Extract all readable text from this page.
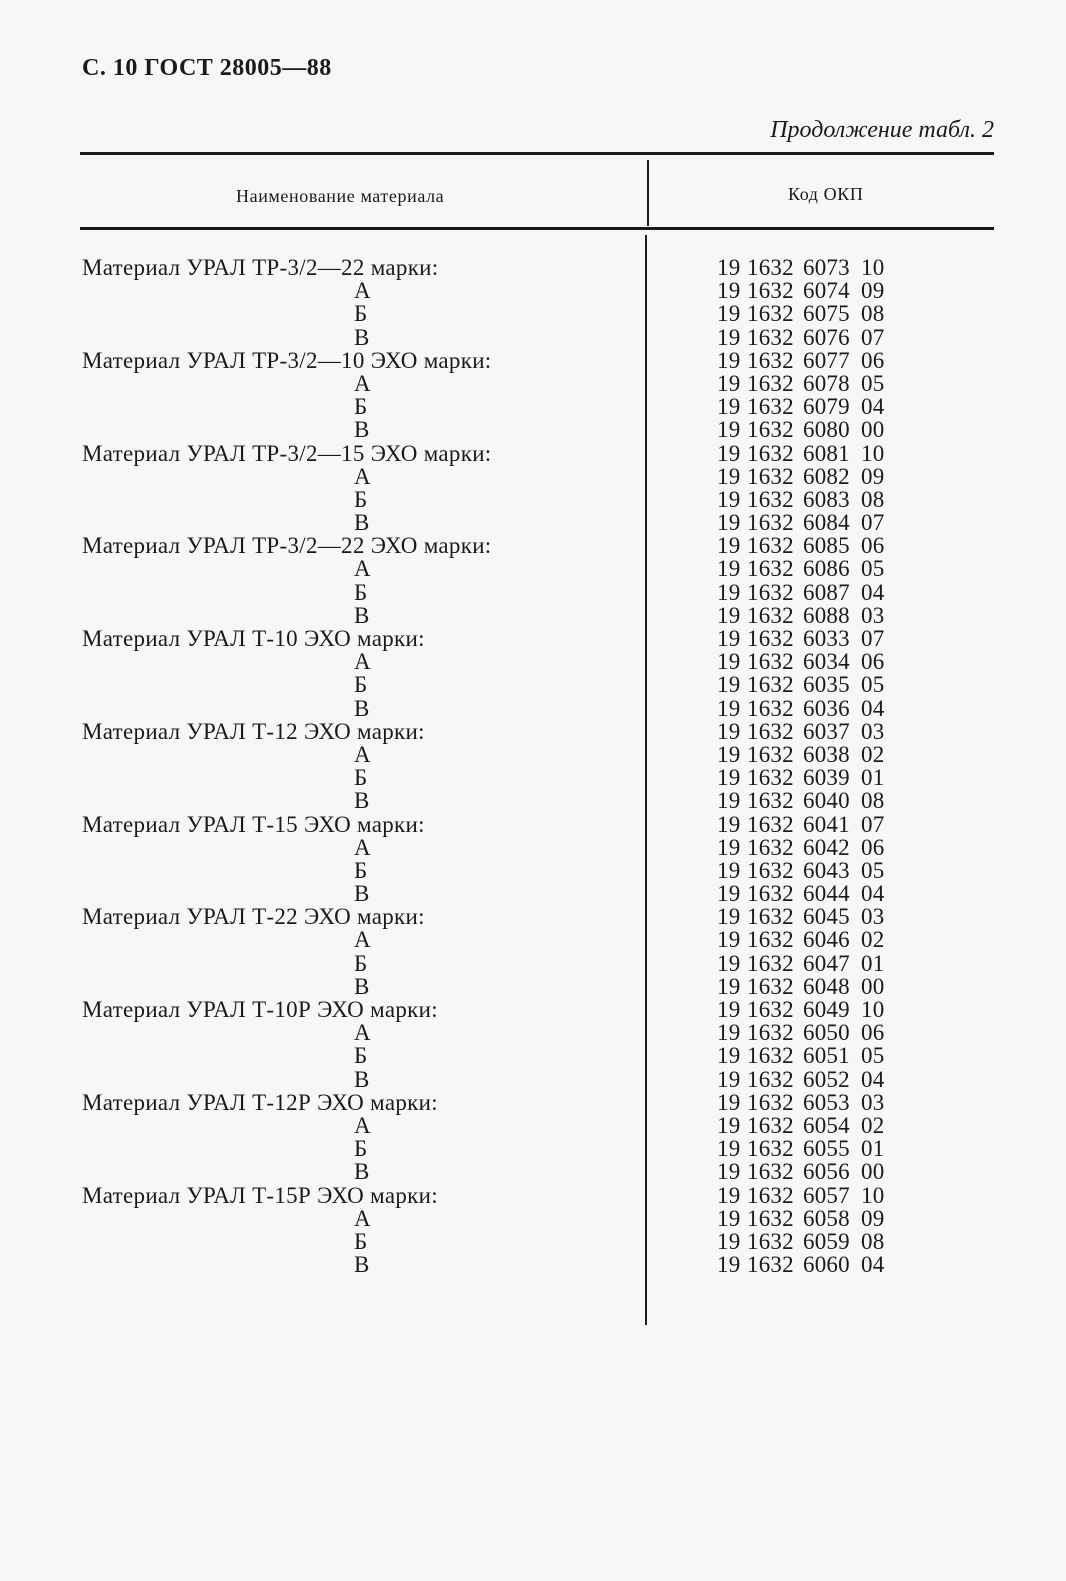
С. 10 ГОСТ 28005—88
Продолжение табл. 2
Наименование материала	Код ОКП
Материал УРАЛ ТР-3/2—22 марки:	19 1632 6073 10
А	19 1632 6074 09
Б	19 1632 6075 08
В	19 1632 6076 07
Материал УРАЛ ТР-3/2—10 ЭХО марки:	19 1632 6077 06
А	19 1632 6078 05
Б	19 1632 6079 04
В	19 1632 6080 00
Материал УРАЛ ТР-3/2—15 ЭХО марки:	19 1632 6081 10
А	19 1632 6082 09
Б	19 1632 6083 08
В	19 1632 6084 07
Материал УРАЛ ТР-3/2—22 ЭХО марки:	19 1632 6085 06
А	19 1632 6086 05
Б	19 1632 6087 04
В	19 1632 6088 03
Материал УРАЛ Т-10 ЭХО марки:	19 1632 6033 07
А	19 1632 6034 06
Б	19 1632 6035 05
В	19 1632 6036 04
Материал УРАЛ Т-12 ЭХО марки:	19 1632 6037 03
А	19 1632 6038 02
Б	19 1632 6039 01
В	19 1632 6040 08
Материал УРАЛ Т-15 ЭХО марки:	19 1632 6041 07
А	19 1632 6042 06
Б	19 1632 6043 05
В	19 1632 6044 04
Материал УРАЛ Т-22 ЭХО марки:	19 1632 6045 03
А	19 1632 6046 02
Б	19 1632 6047 01
В	19 1632 6048 00
Материал УРАЛ Т-10Р ЭХО марки:	19 1632 6049 10
А	19 1632 6050 06
Б	19 1632 6051 05
В	19 1632 6052 04
Материал УРАЛ Т-12Р ЭХО марки:	19 1632 6053 03
А	19 1632 6054 02
Б	19 1632 6055 01
В	19 1632 6056 00
Материал УРАЛ Т-15Р ЭХО марки:	19 1632 6057 10
А	19 1632 6058 09
Б	19 1632 6059 08
В	19 1632 6060 04
